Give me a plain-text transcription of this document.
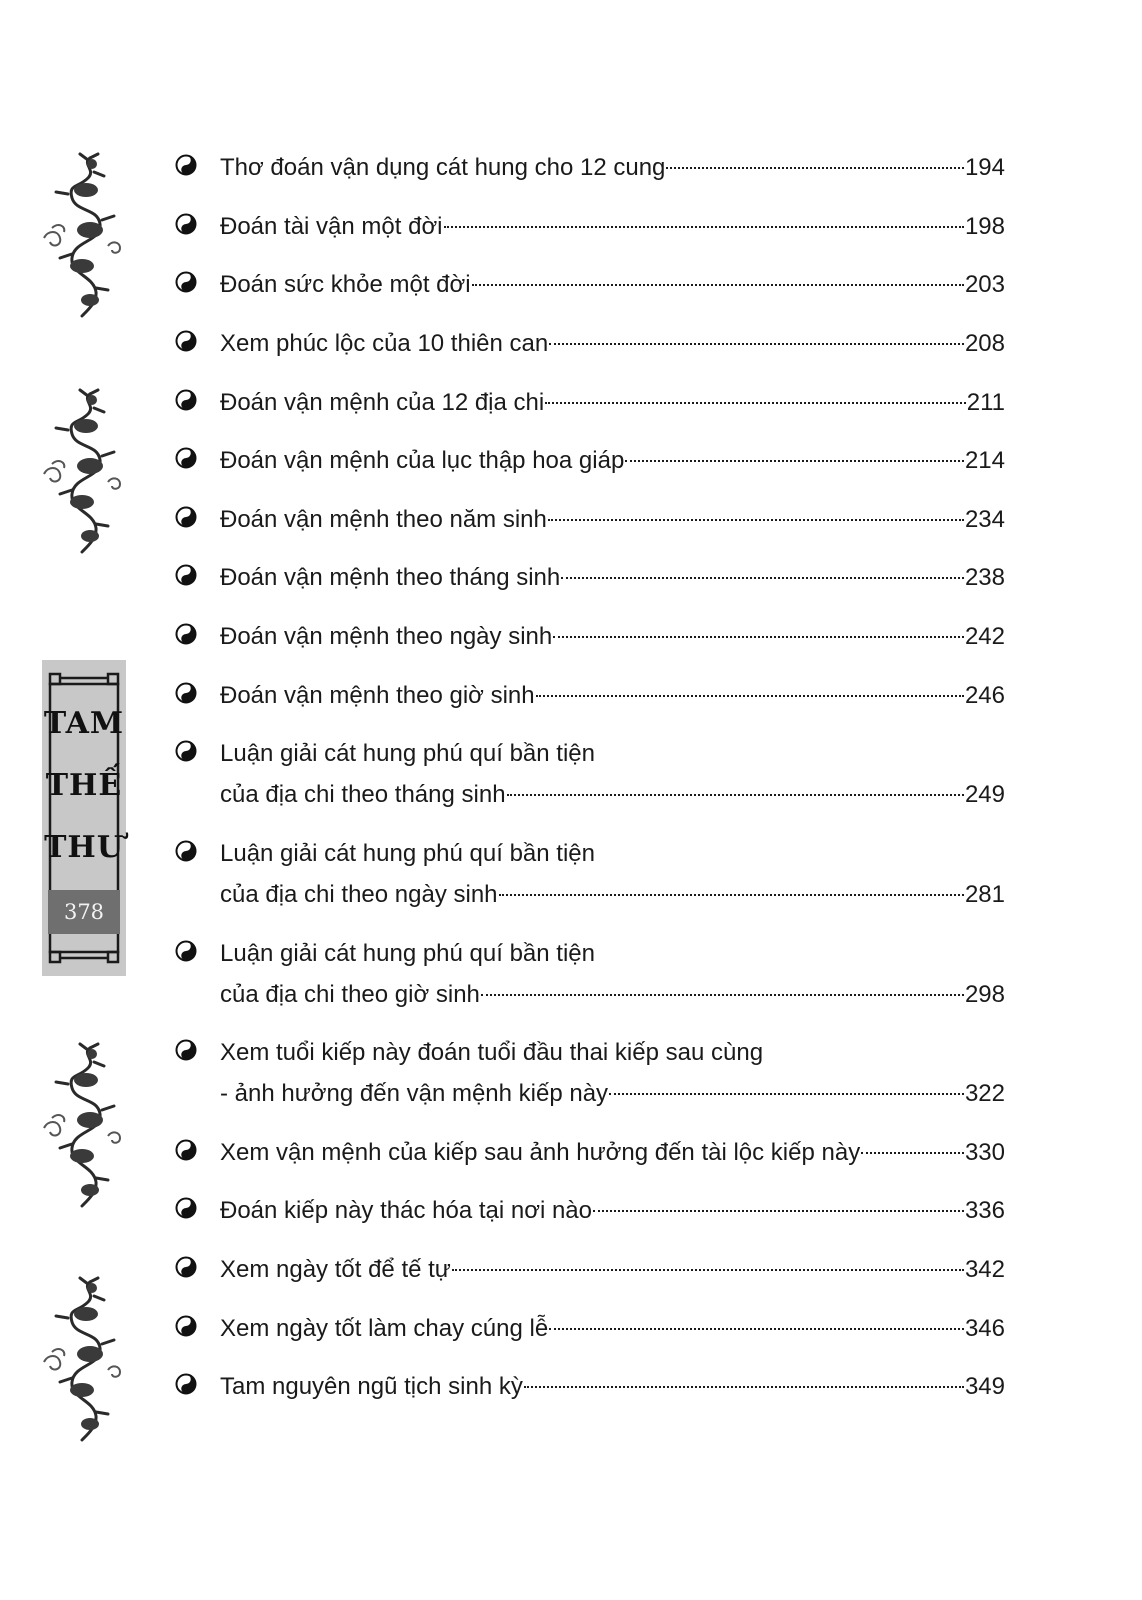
TAM
THẾ
THƯ
378
Thơ đoán vận dụng cát hung cho 12 cung	194
Đoán tài vận một đời	198
Đoán sức khỏe một đời	203
Xem phúc lộc của 10 thiên can	208
Đoán vận mệnh của 12 địa chi	211
Đoán vận mệnh của lục thập hoa giáp	214
Đoán vận mệnh theo năm sinh	234
Đoán vận mệnh theo tháng sinh	238
Đoán vận mệnh theo ngày sinh	242
Đoán vận mệnh theo giờ sinh	246
Luận giải cát hung phú quí bần tiện
của địa chi theo tháng sinh	249
Luận giải cát hung phú quí bần tiện
của địa chi theo ngày sinh	281
Luận giải cát hung phú quí bần tiện
của địa chi theo giờ sinh	298
Xem tuổi kiếp này đoán tuổi đầu thai kiếp sau cùng
- ảnh hưởng đến vận mệnh kiếp này	322
Xem vận mệnh của kiếp sau ảnh hưởng đến tài lộc kiếp này	330
Đoán kiếp này thác hóa tại nơi nào	336
Xem ngày tốt để tế tự	342
Xem ngày tốt làm chay cúng lễ	346
Tam nguyên ngũ tịch sinh kỳ	349
